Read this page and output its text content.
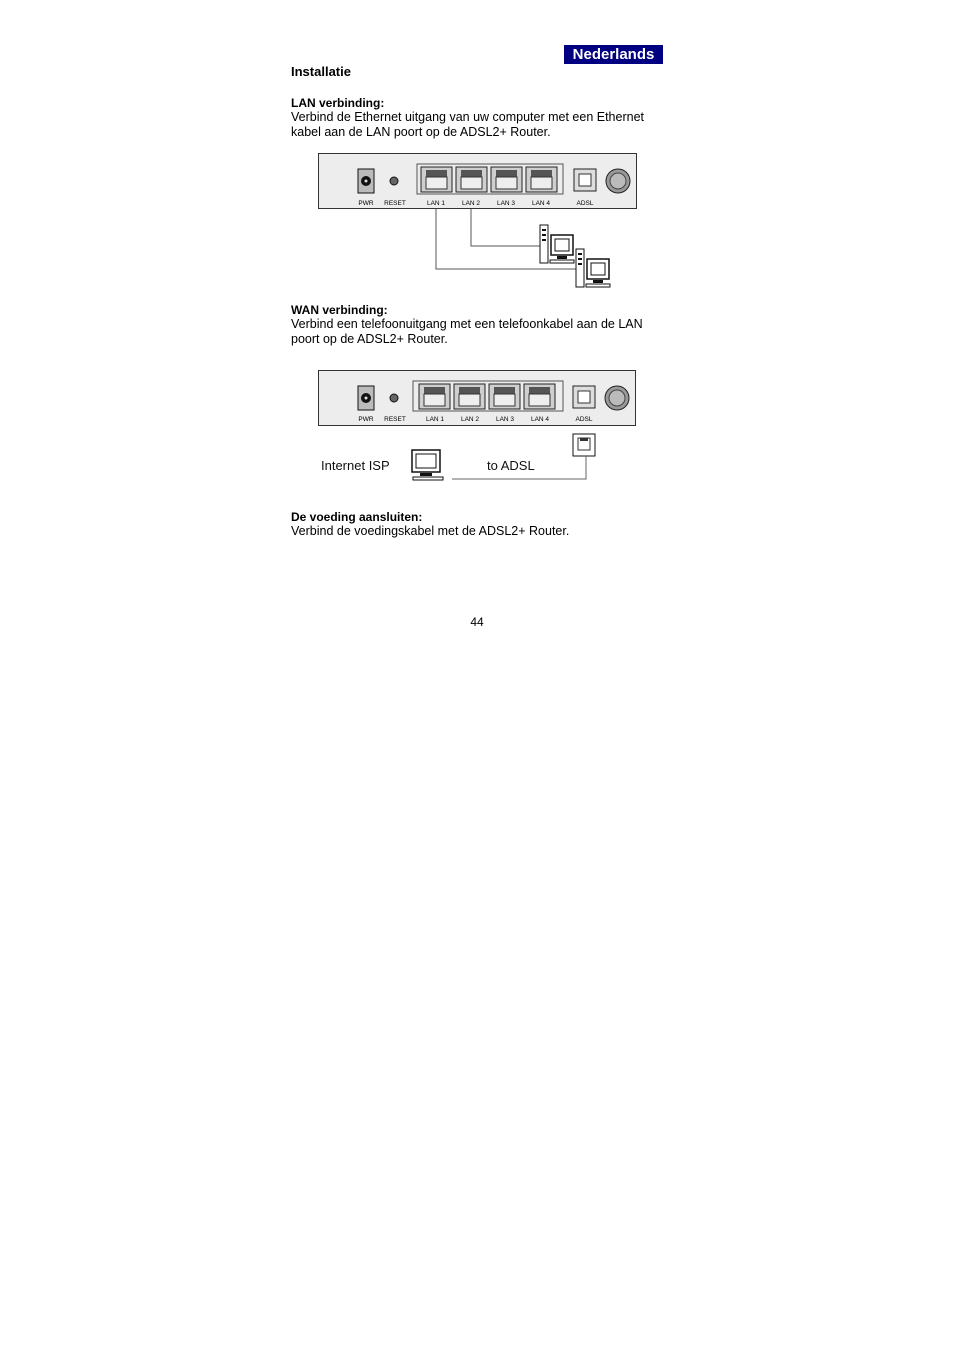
Nederlands
Installatie
LAN verbinding:
Verbind de Ethernet uitgang van uw computer met een Ethernet
kabel aan de LAN poort op de ADSL2+ Router.
PWR RESET	LAN 1	LAN 2	LAN 3	LAN 4	ADSL
WAN verbinding:
Verbind een telefoonuitgang met een telefoonkabel aan de LAN
poort op de ADSL2+ Router.
PWR RESET	LAN 1	LAN 2	LAN 3	LAN 4	ADSL
Internet ISP	to ADSL
De voeding aansluiten:
Verbind de voedingskabel met de ADSL2+ Router.
44
